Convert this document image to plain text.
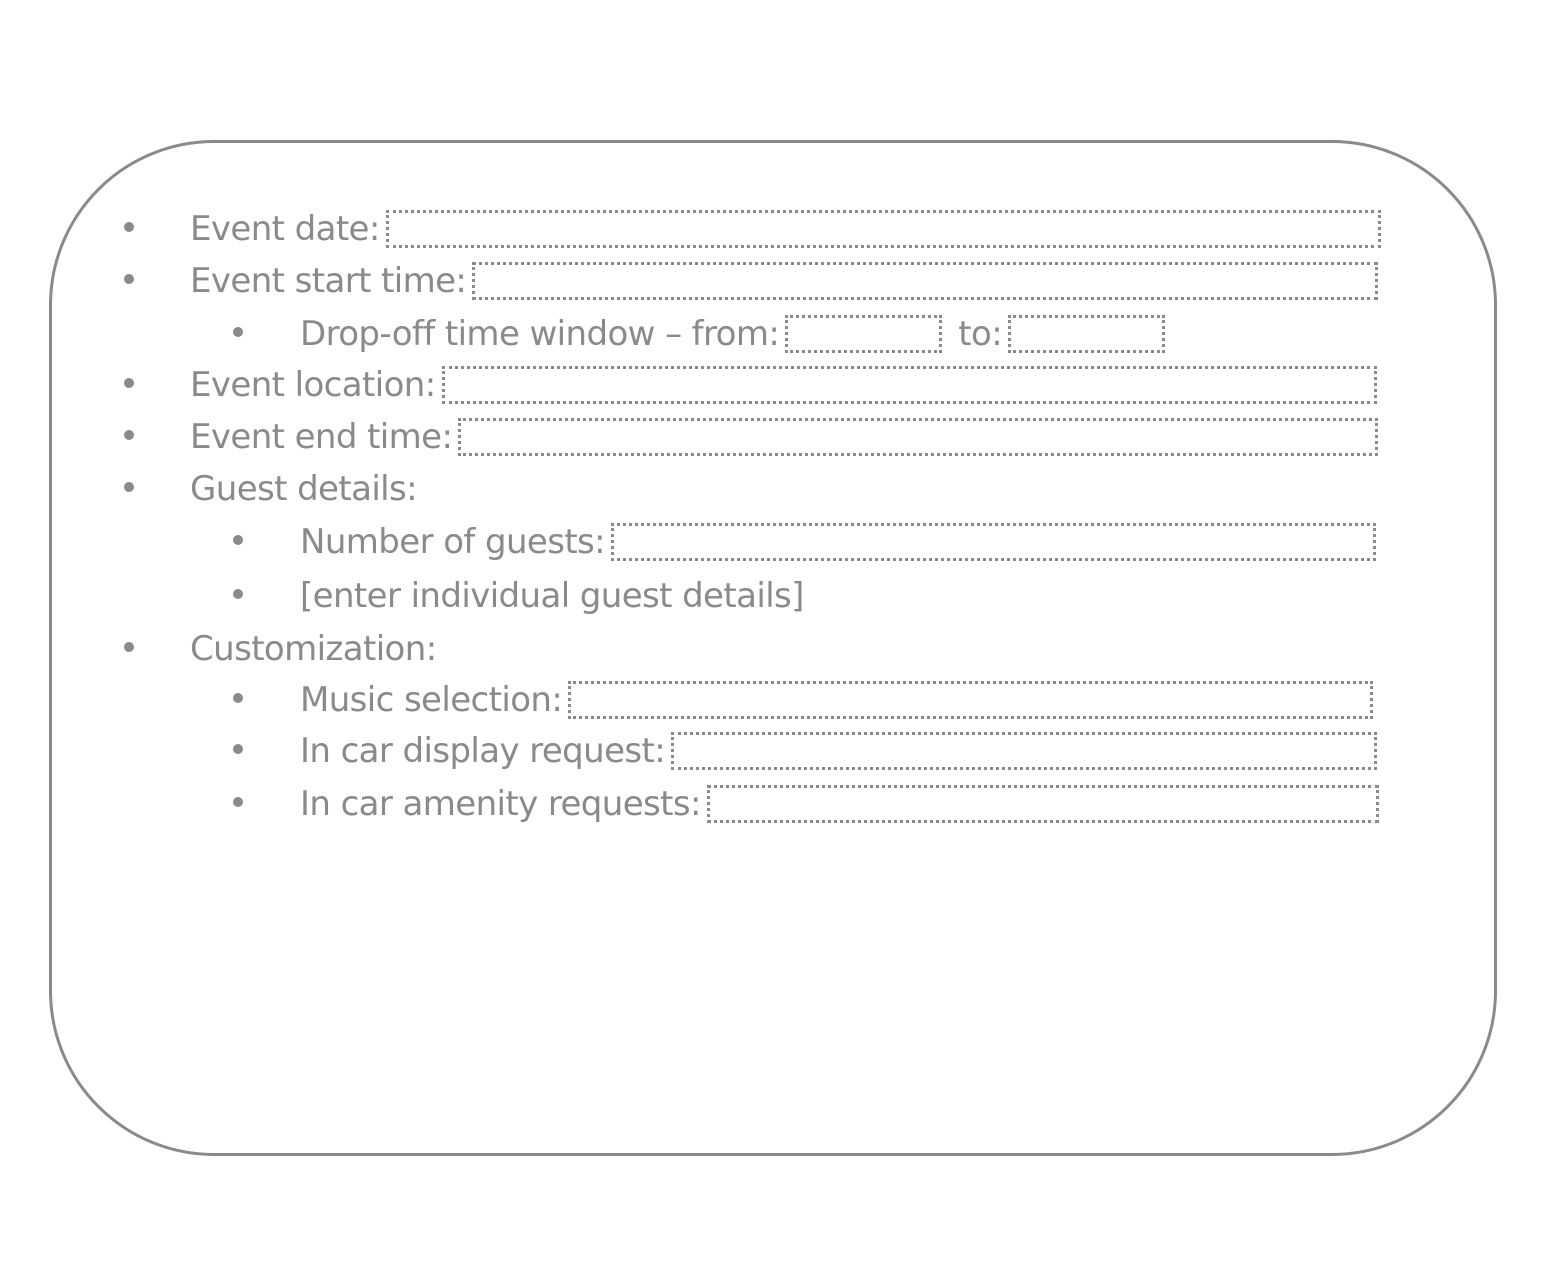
Event date:
Event start time:
Drop-off time window – from:	to:
Event location:
Event end time:
Guest details:
Number of guests:
[enter individual guest details]
Customization:
Music selection:
In car display request:
In car amenity requests:
